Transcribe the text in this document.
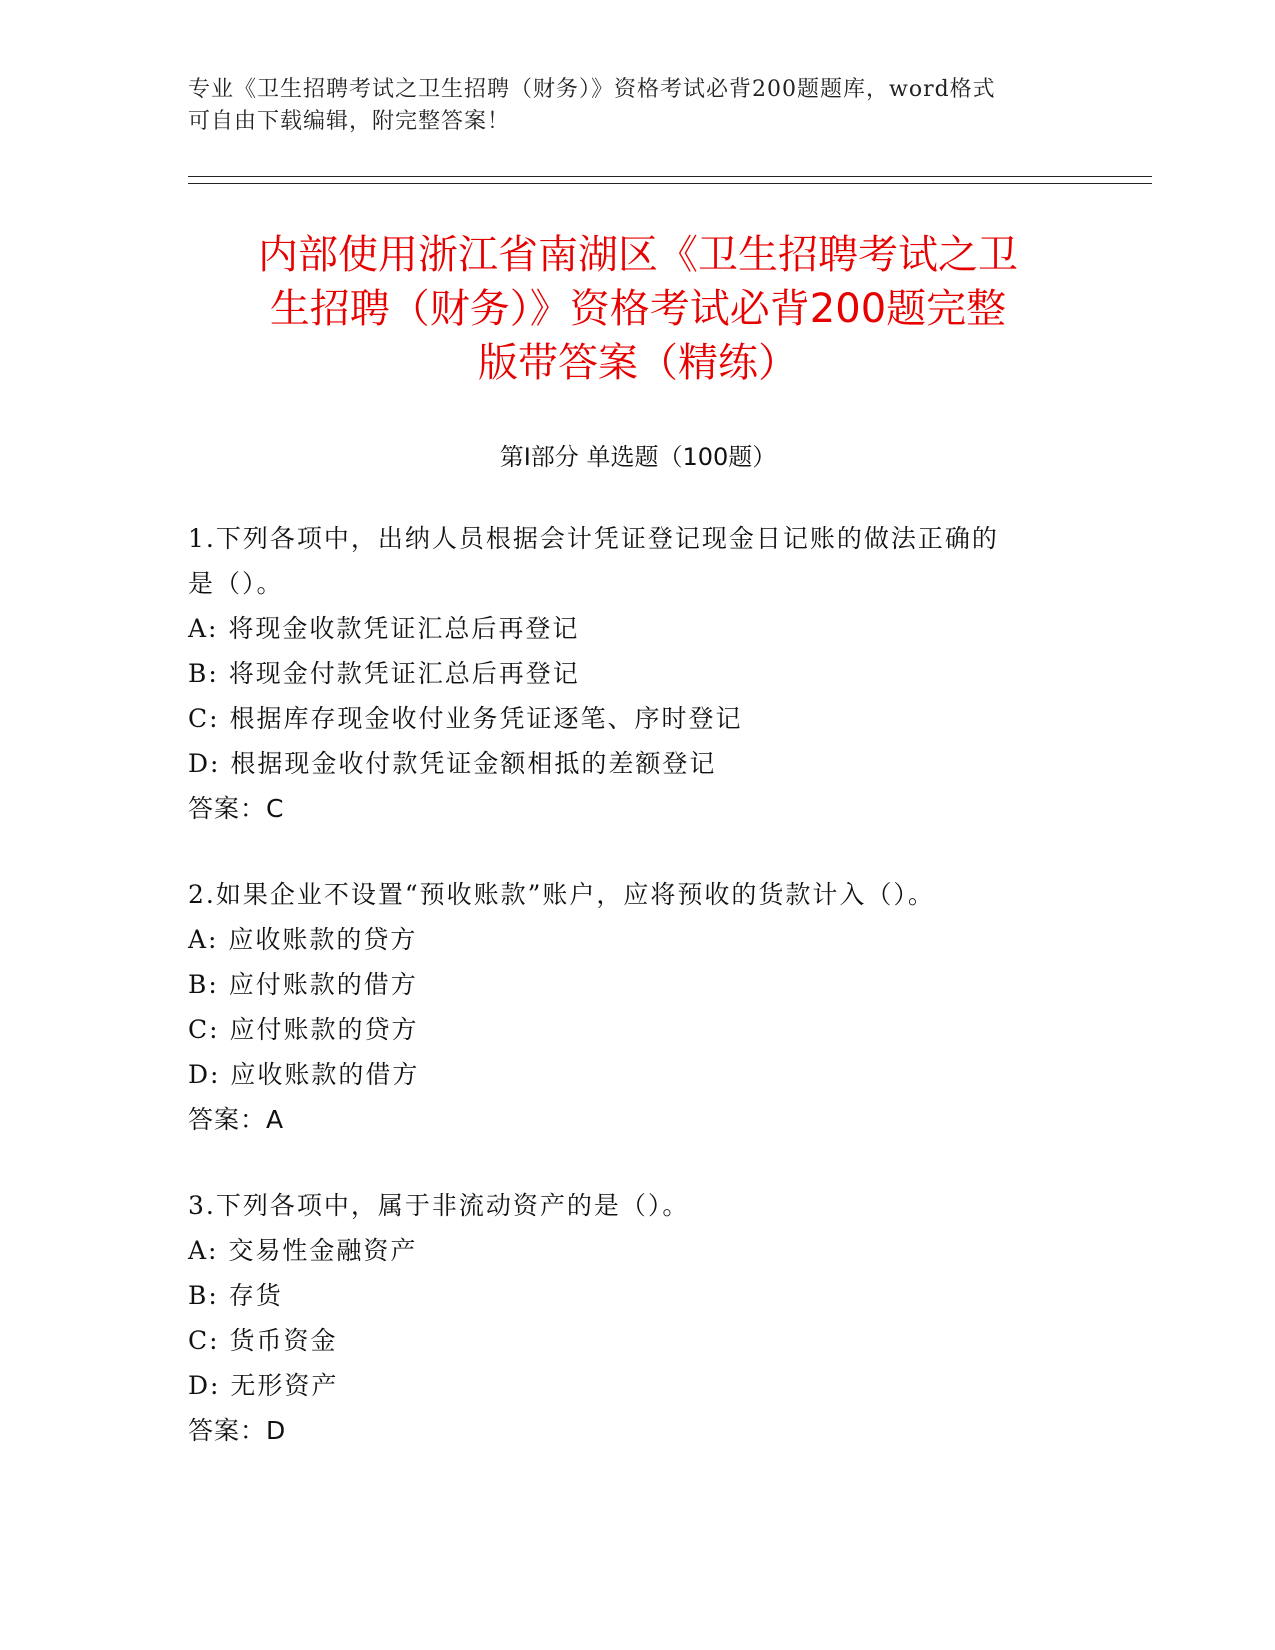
专业《卫生招聘考试之卫生招聘（财务）》资格考试必背200题题库，word格式
可自由下载编辑，附完整答案！
内部使用浙江省南湖区《卫生招聘考试之卫
生招聘（财务）》资格考试必背200题完整
版带答案（精练）
第Ⅰ部分 单选题（100题）
1.下列各项中，出纳人员根据会计凭证登记现金日记账的做法正确的
是（）。
A: 将现金收款凭证汇总后再登记
B: 将现金付款凭证汇总后再登记
C: 根据库存现金收付业务凭证逐笔、序时登记
D: 根据现金收付款凭证金额相抵的差额登记
答案：C
2.如果企业不设置“预收账款”账户，应将预收的货款计入（）。
A: 应收账款的贷方
B: 应付账款的借方
C: 应付账款的贷方
D: 应收账款的借方
答案：A
3.下列各项中，属于非流动资产的是（）。
A: 交易性金融资产
B: 存货
C: 货币资金
D: 无形资产
答案：D
